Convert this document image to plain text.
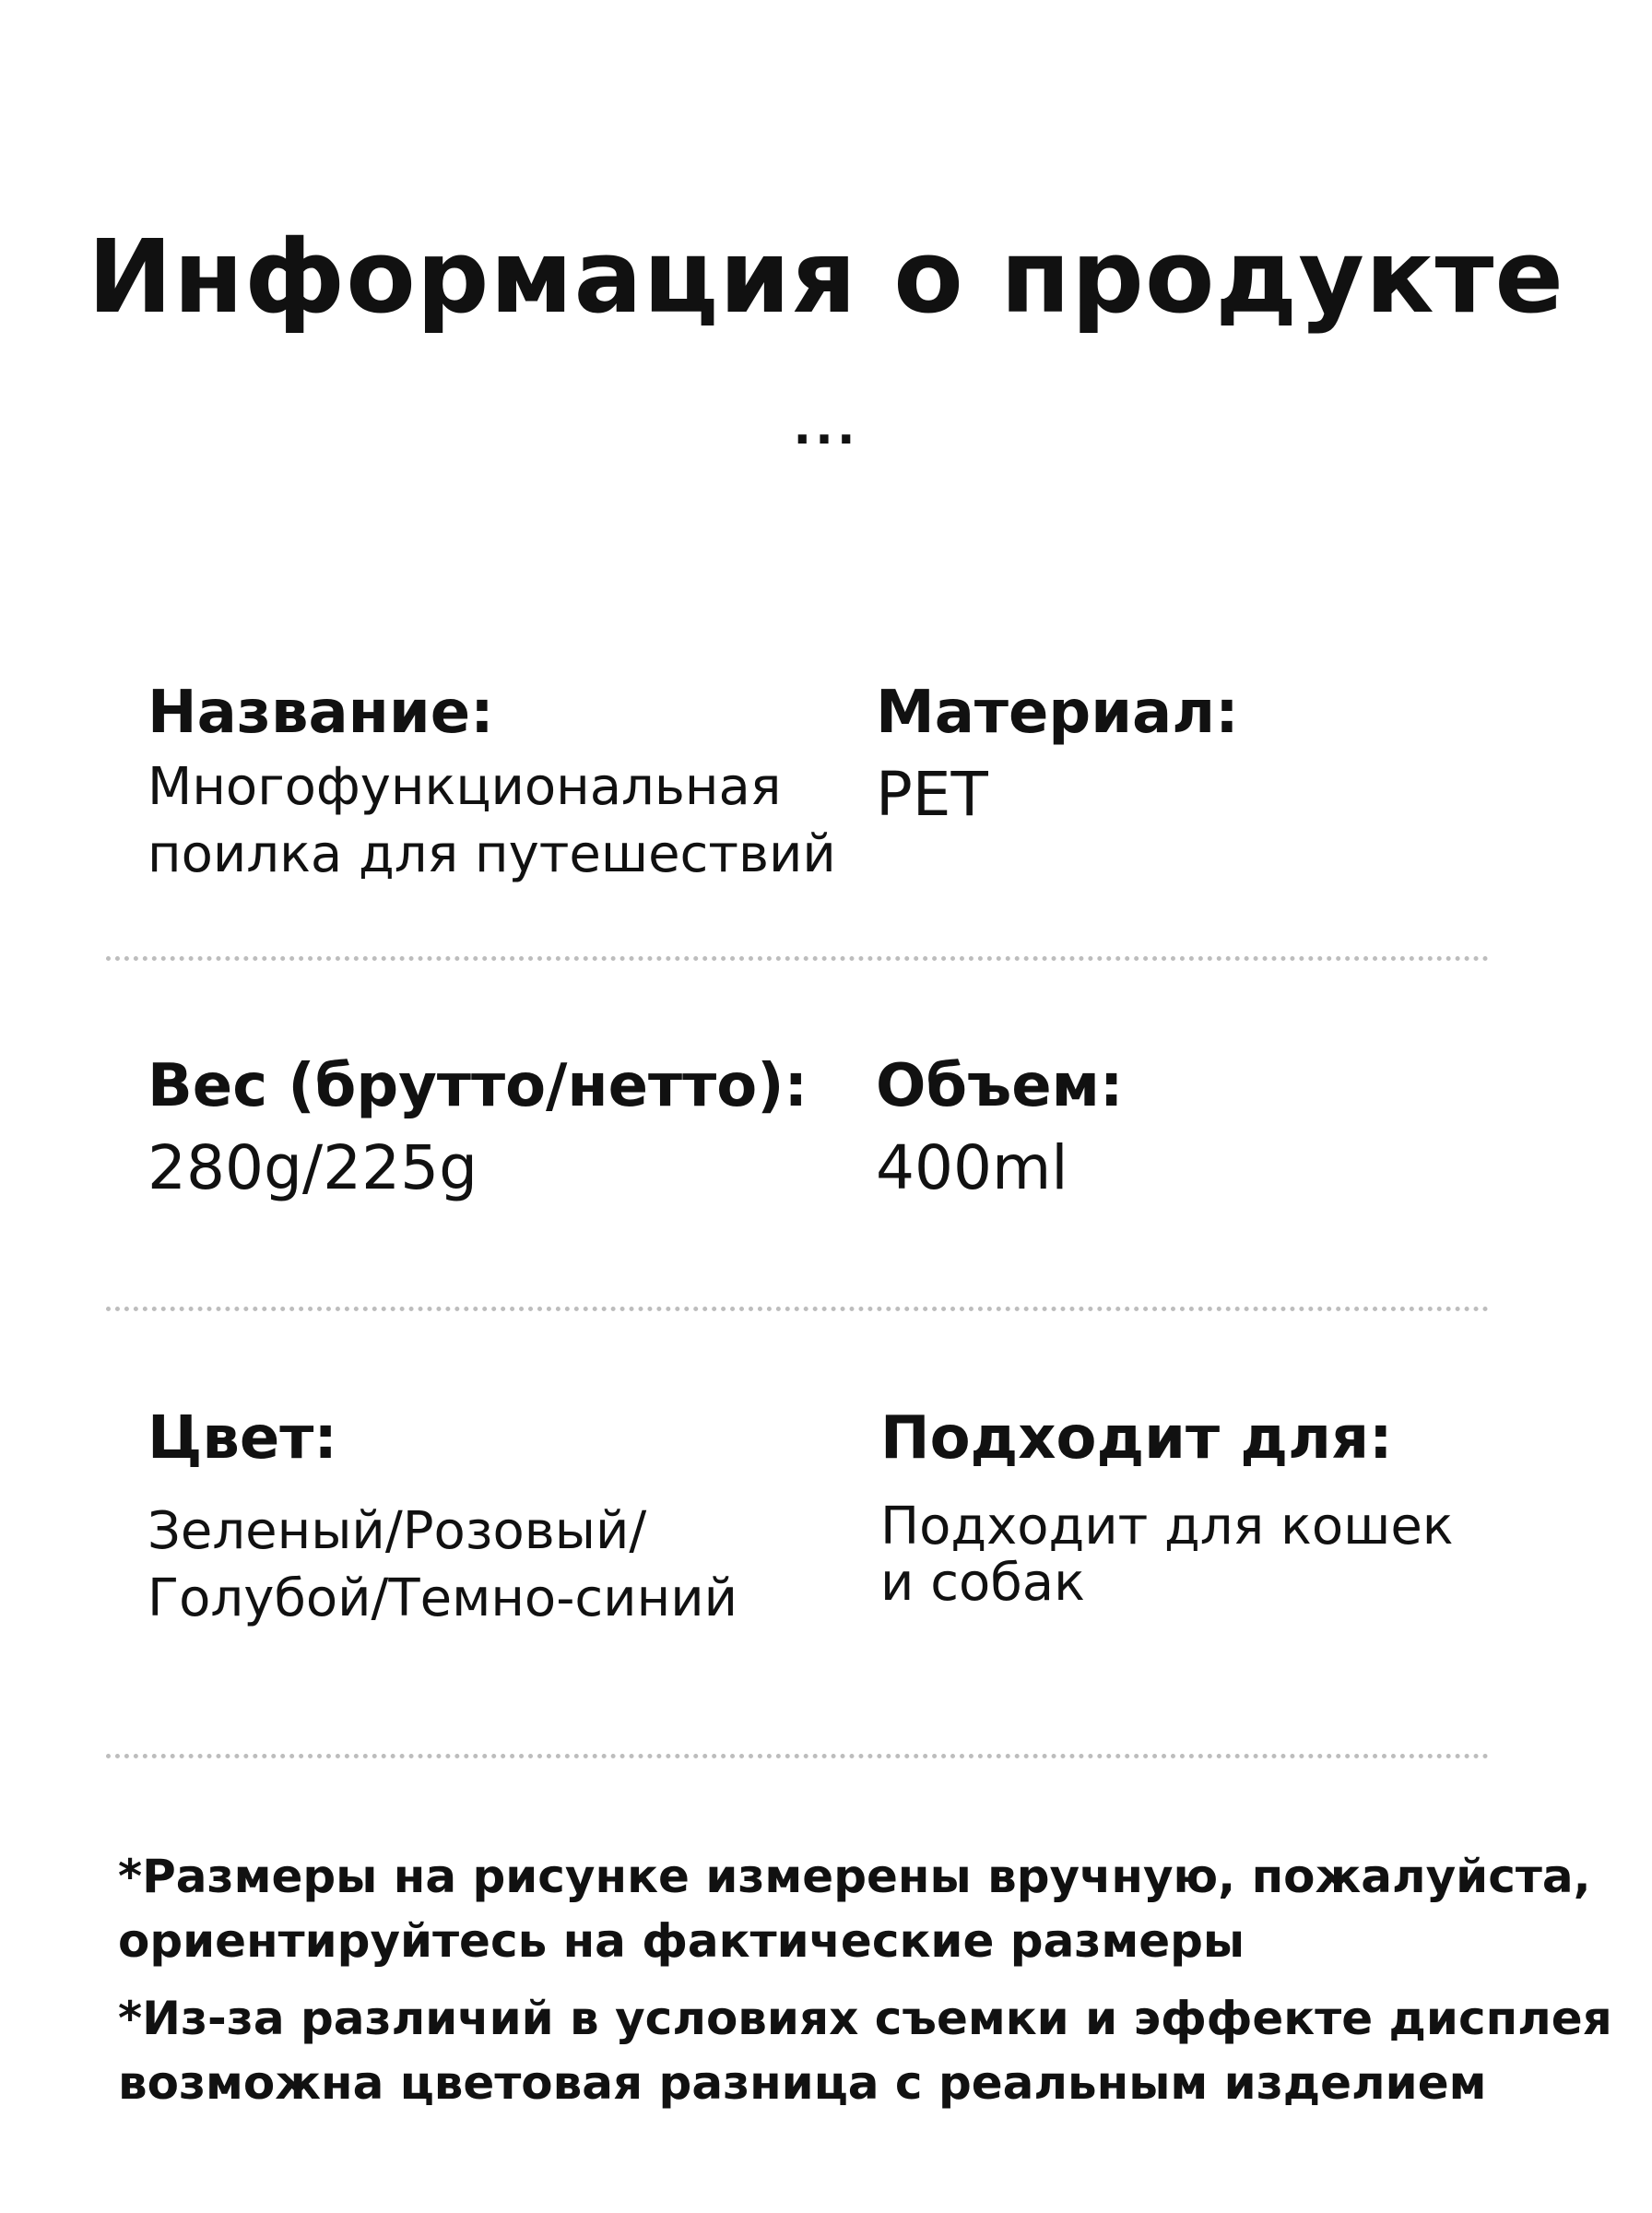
Информация о продукте
...

Название:

Многофункциональная

поилка для путешествий

Материал:

PET

Вес (брутто/нетто):

280g/225g

Объем:

400ml

Цвет:

Зеленый/Розовый/

Голубой/Темно-синий

Подходит для:

Подходит для кошек

и собак

*Размеры на рисунке измерены вручную, пожалуйста,

ориентируйтесь на фактические размеры

*Из-за различий в условиях съемки и эффекте дисплея

возможна цветовая разница с реальным изделием
